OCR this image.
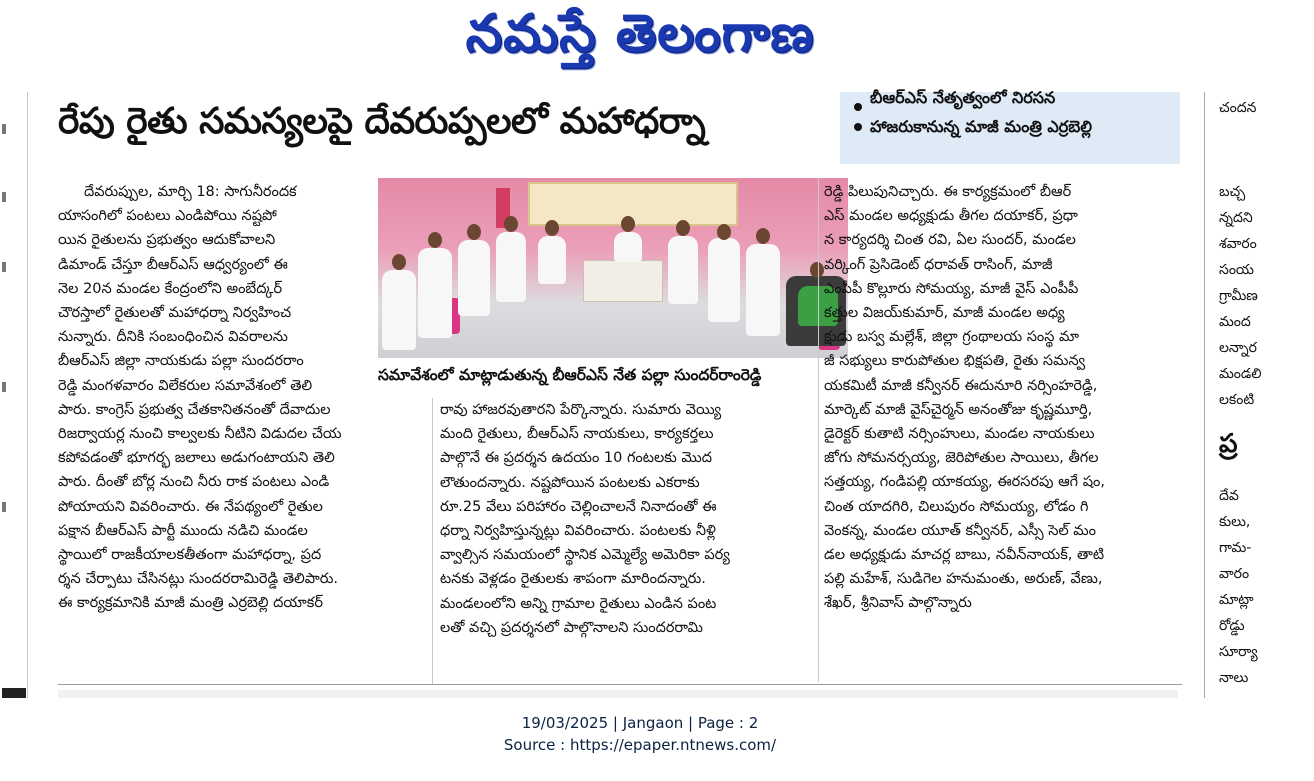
నమస్తే తెలంగాణ
రేపు రైతు సమస్యలపై దేవరుప్పలలో మహాధర్నా
బీఆర్ఎస్ నేతృత్వంలో నిరసన
హాజరుకానున్న మాజీ మంత్రి ఎర్రబెల్లి
దేవరుప్పుల, మార్చి 18: సాగునీరందక
యాసంగిలో పంటలు ఎండిపోయి నష్టపో
యిన రైతులను ప్రభుత్వం ఆదుకోవాలని
డిమాండ్ చేస్తూ బీఆర్ఎస్ ఆధ్వర్యంలో ఈ
నెల 20న మండల కేంద్రంలోని అంబేద్కర్
చౌరస్తాలో రైతులతో మహాధర్నా నిర్వహించ
నున్నారు. దీనికి సంబంధించిన వివరాలను
బీఆర్ఎస్ జిల్లా నాయకుడు పల్లా సుందరరాం
రెడ్డి మంగళవారం విలేకరుల సమావేశంలో తెలి
పారు. కాంగ్రెస్ ప్రభుత్వ చేతకానితనంతో దేవాదుల
రిజర్వాయర్ల నుంచి కాల్వలకు నీటిని విడుదల చేయ
కపోవడంతో భూగర్భ జలాలు అడుగంటాయని తెలి
పారు. దీంతో బోర్ల నుంచి నీరు రాక పంటలు ఎండి
పోయాయని వివరించారు. ఈ నేపథ్యంలో రైతుల
పక్షాన బీఆర్ఎస్ పార్టీ ముందు నడిచి మండల
స్థాయిలో రాజకీయాలకతీతంగా మహాధర్నా, ప్రద
ర్శన చేర్పాటు చేసినట్లు సుందరరామిరెడ్డి తెలిపారు.
ఈ కార్యక్రమానికి మాజీ మంత్రి ఎర్రబెల్లి దయాకర్
సమావేశంలో మాట్లాడుతున్న బీఆర్ఎస్ నేత పల్లా సుందర్‌రాంరెడ్డి
రావు హాజరవుతారని పేర్కొన్నారు. సుమారు వెయ్యి
మంది రైతులు, బీఆర్ఎస్ నాయకులు, కార్యకర్తలు
పాల్గొనే ఈ ప్రదర్శన ఉదయం 10 గంటలకు మొద
లౌతుందన్నారు. నష్టపోయిన పంటలకు ఎకరాకు
రూ.25 వేలు పరిహారం చెల్లించాలనే నినాదంతో ఈ
ధర్నా నిర్వహిస్తున్నట్లు వివరించారు. పంటలకు నీళ్లి
వ్వాల్సిన సమయంలో స్థానిక ఎమ్మెల్యే అమెరికా పర్య
టనకు వెళ్లడం రైతులకు శాపంగా మారిందన్నారు.
మండలంలోని అన్ని గ్రామాల రైతులు ఎండిన పంట
లతో వచ్చి ప్రదర్శనలో పాల్గొనాలని సుందరరామి
రెడ్డి పిలుపునిచ్చారు. ఈ కార్యక్రమంలో బీఆర్
ఎస్ మండల అధ్యక్షుడు తీగల దయాకర్, ప్రధా
న కార్యదర్శి చింత రవి, ఏల సుందర్, మండల
వర్కింగ్ ప్రెసిడెంట్ ధరావత్ రాసింగ్, మాజీ
ఎంపీపీ కొల్లూరు సోమయ్య, మాజీ వైస్ ఎంపీపీ
కత్తుల విజయ్‌కుమార్, మాజీ మండల అధ్య
క్షుడు బస్వ మల్లేశ్, జిల్లా గ్రంథాలయ సంస్థ మా
జీ సభ్యులు కారుపోతుల భిక్షపతి, రైతు సమన్వ
యకమిటీ మాజీ కన్వీనర్ ఈదునూరి నర్సింహరెడ్డి,
మార్కెట్ మాజీ వైస్‌చైర్మన్ అనంతోజు కృష్ణమూర్తి,
డైరెక్టర్ కుతాటి నర్సింహులు, మండల నాయకులు
జోగు సోమనర్సయ్య, జెరిపోతుల సాయిలు, తీగల
సత్తయ్య, గండిపల్లి యాకయ్య, ఈరసరపు ఆగే షం,
చింత యాదగిరి, చిలుపురం సోమయ్య, లోడం గి
వెంకన్న, మండల యూత్ కన్వీనర్, ఎస్సీ సెల్ మం
డల అధ్యక్షుడు మాచర్ల బాబు, నవీన్‌నాయక్, తాటి
పల్లి మహేశ్, సుడిగెల హనుమంతు, అరుణ్, వేణు,
శేఖర్, శ్రీనివాస్ పాల్గొన్నారు
చందన
బచ్చ
న్నదని
శవారం
సంయ
గ్రామీణ
మంద
లన్నార
మండలి
లకంటి
ప్ర
దేవ
కులు,
గామ-
వారం
మాట్లా
రోడ్డు
సూర్యా
నాలు
19/03/2025 | Jangaon | Page : 2
Source : https://epaper.ntnews.com/
